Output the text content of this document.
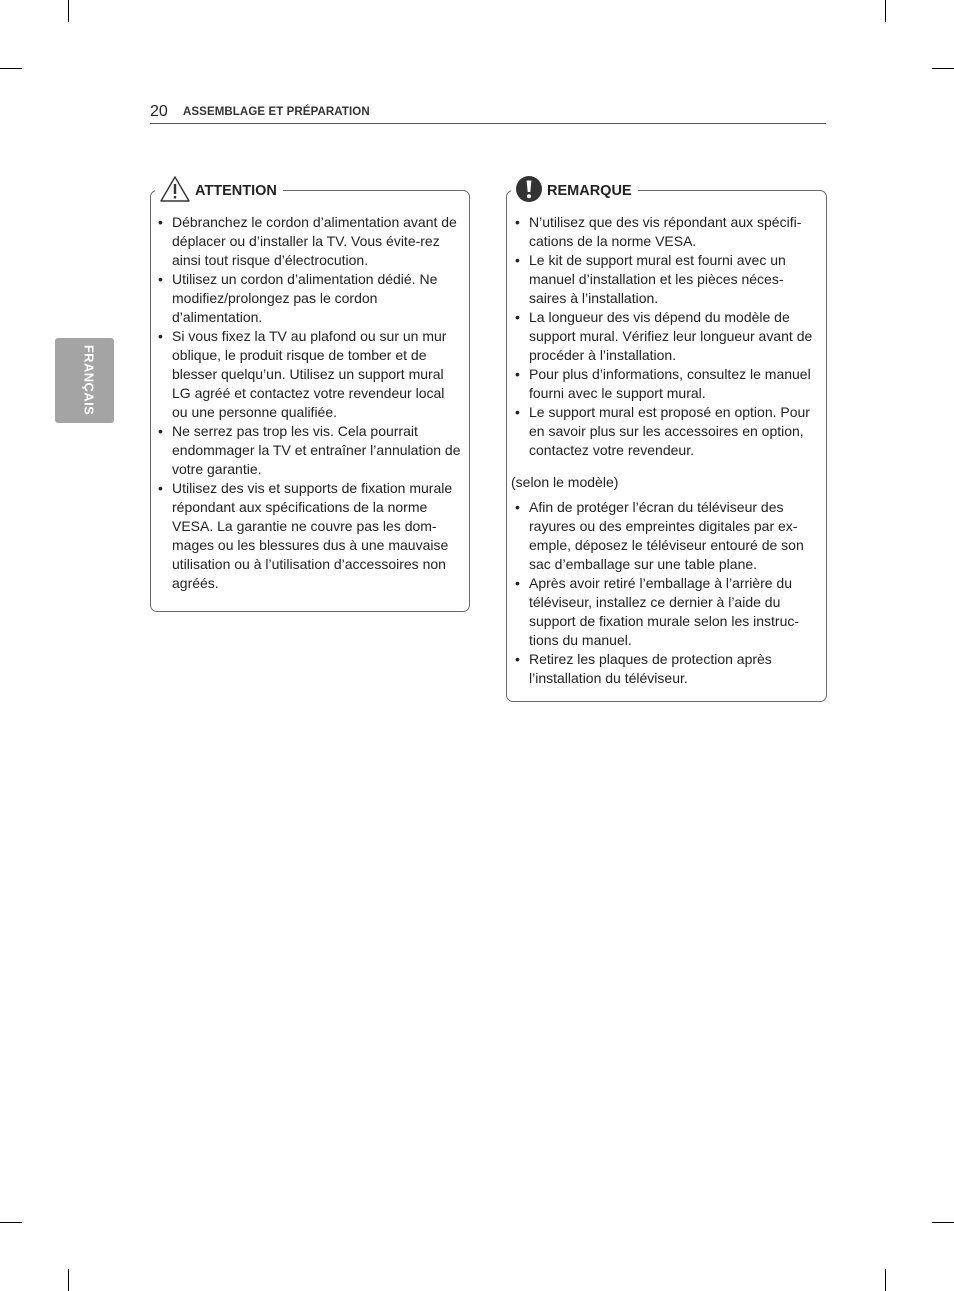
20 ASSEMBLAGE ET PRÉPARATION
FRANÇAIS
ATTENTION
• Débranchez le cordon d’alimentation avant de déplacer ou d’installer la TV. Vous évite-rez ainsi tout risque d’électrocution.
• Utilisez un cordon d’alimentation dédié. Ne modifiez/prolongez pas le cordon d’alimentation.
• Si vous fixez la TV au plafond ou sur un mur oblique, le produit risque de tomber et de blesser quelqu’un. Utilisez un support mural LG agréé et contactez votre revendeur local ou une personne qualifiée.
• Ne serrez pas trop les vis. Cela pourrait endommager la TV et entraîner l’annulation de votre garantie.
• Utilisez des vis et supports de fixation murale répondant aux spécifications de la norme VESA. La garantie ne couvre pas les dom-mages ou les blessures dus à une mauvaise utilisation ou à l’utilisation d’accessoires non agréés.
REMARQUE
• N’utilisez que des vis répondant aux spécifi-cations de la norme VESA.
• Le kit de support mural est fourni avec un manuel d’installation et les pièces néces-saires à l’installation.
• La longueur des vis dépend du modèle de support mural. Vérifiez leur longueur avant de procéder à l’installation.
• Pour plus d’informations, consultez le manuel fourni avec le support mural.
• Le support mural est proposé en option. Pour en savoir plus sur les accessoires en option, contactez votre revendeur.
(selon le modèle)
• Afin de protéger l’écran du téléviseur des rayures ou des empreintes digitales par ex-emple, déposez le téléviseur entouré de son sac d’emballage sur une table plane.
• Après avoir retiré l’emballage à l’arrière du téléviseur, installez ce dernier à l’aide du support de fixation murale selon les instruc-tions du manuel.
• Retirez les plaques de protection après l’installation du téléviseur.
